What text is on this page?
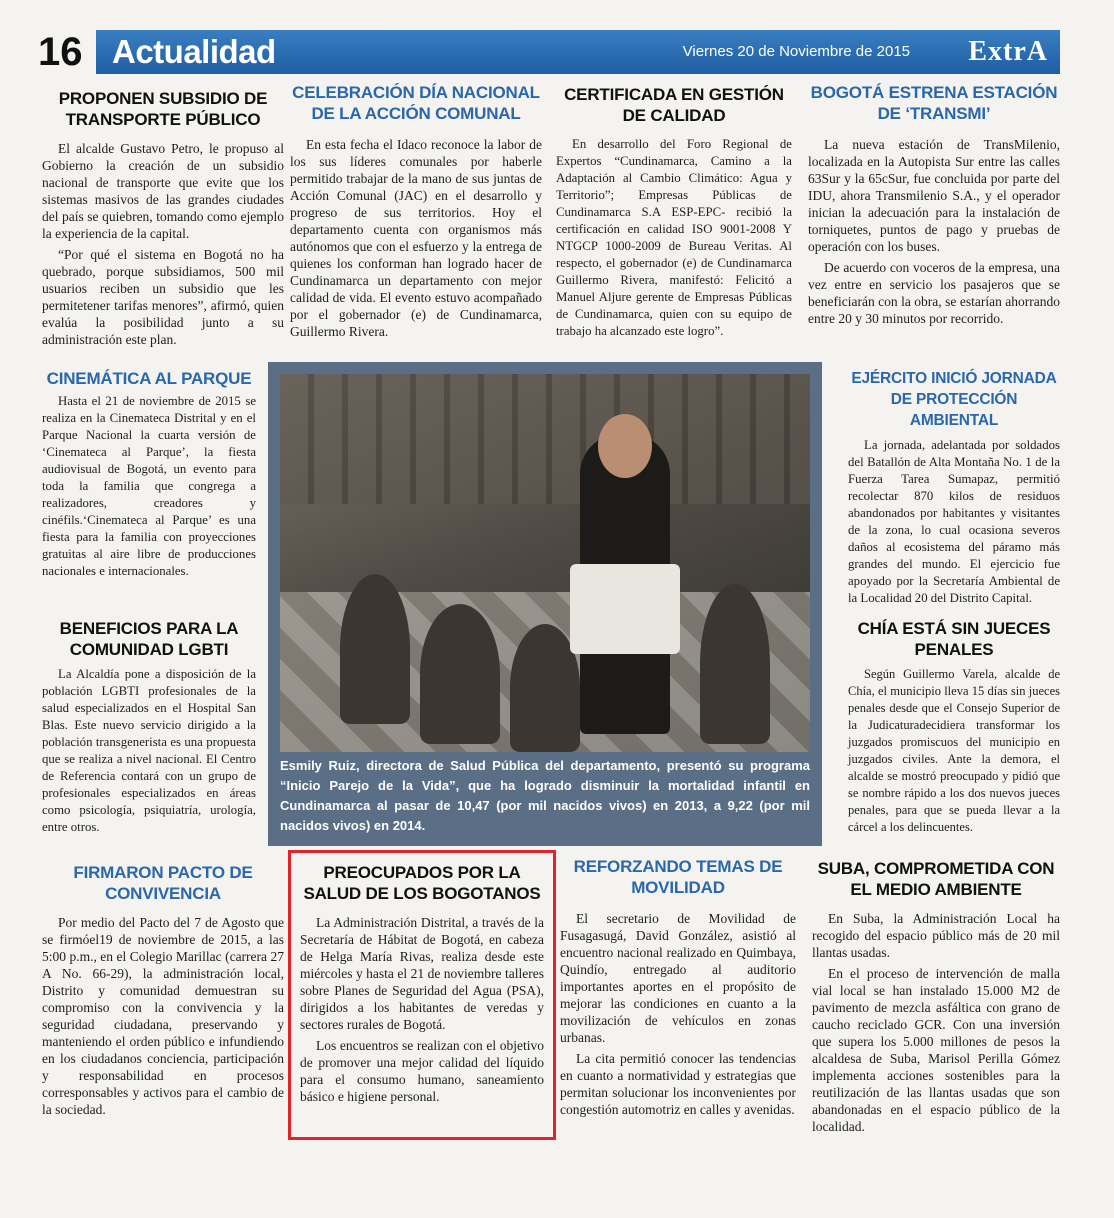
16 Actualidad	Viernes 20 de Noviembre de 2015 ExtrA
PROPONEN SUBSIDIO DE TRANSPORTE PÚBLICO

El alcalde Gustavo Petro, le propuso al Gobierno la creación de un subsidio nacional de transporte que evite que los sistemas masivos de las grandes ciudades del país se quiebren, tomando como ejemplo la experiencia de la capital.

“Por qué el sistema en Bogotá no ha quebrado, porque subsidiamos, 500 mil usuarios reciben un subsidio que les permitetener tarifas menores”, afirmó, quien evalúa la posibilidad junto a su administración este plan.

CELEBRACIÓN DÍA NACIONAL DE LA ACCIÓN COMUNAL

En esta fecha el Idaco reconoce la labor de los sus líderes comunales por haberle permitido trabajar de la mano de sus juntas de Acción Comunal (JAC) en el desarrollo y progreso de sus territorios. Hoy el departamento cuenta con organismos más autónomos que con el esfuerzo y la entrega de quienes los conforman han logrado hacer de Cundinamarca un departamento con mejor calidad de vida. El evento estuvo acompañado por el gobernador (e) de Cundinamarca, Guillermo Rivera.

CERTIFICADA EN GESTIÓN DE CALIDAD

En desarrollo del Foro Regional de Expertos “Cundinamarca, Camino a la Adaptación al Cambio Climático: Agua y Territorio”; Empresas Públicas de Cundinamarca S.A ESP-EPC- recibió la certificación en calidad ISO 9001-2008 Y NTGCP 1000-2009 de Bureau Veritas. Al respecto, el gobernador (e) de Cundinamarca Guillermo Rivera, manifestó: Felicitó a Manuel Aljure gerente de Empresas Públicas de Cundinamarca, quien con su equipo de trabajo ha alcanzado este logro”.

BOGOTÁ ESTRENA ESTACIÓN DE ‘TRANSMI’

La nueva estación de TransMilenio, localizada en la Autopista Sur entre las calles 63Sur y la 65cSur, fue concluida por parte del IDU, ahora Transmilenio S.A., y el operador inician la adecuación para la instalación de torniquetes, puntos de pago y pruebas de operación con los buses.

De acuerdo con voceros de la empresa, una vez entre en servicio los pasajeros que se beneficiarán con la obra, se estarían ahorrando entre 20 y 30 minutos por recorrido.

CINEMÁTICA AL PARQUE

Hasta el 21 de noviembre de 2015 se realiza en la Cinemateca Distrital y en el Parque Nacional la cuarta versión de ‘Cinemateca al Parque’, la fiesta audiovisual de Bogotá, un evento para toda la familia que congrega a realizadores, creadores y cinéfils.‘Cinemateca al Parque’ es una fiesta para la familia con proyecciones gratuitas al aire libre de producciones nacionales e internacionales.

BENEFICIOS PARA LA COMUNIDAD LGBTI

La Alcaldía pone a disposición de la población LGBTI profesionales de la salud especializados en el Hospital San Blas. Este nuevo servicio dirigido a la población transgenerista es una propuesta que se realiza a nivel nacional. El Centro de Referencia contará con un grupo de profesionales especializados en áreas como psicología, psiquiatría, urología, entre otros.

Esmily Ruiz, directora de Salud Pública del departamento, presentó su programa “Inicio Parejo de la Vida”, que ha logrado disminuir la mortalidad infantil en Cundinamarca al pasar de 10,47 (por mil nacidos vivos) en 2013, a 9,22 (por mil nacidos vivos) en 2014.
EJÉRCITO INICIÓ JORNADA DE PROTECCIÓN AMBIENTAL

La jornada, adelantada por soldados del Batallón de Alta Montaña No. 1 de la Fuerza Tarea Sumapaz, permitió recolectar 870 kilos de residuos abandonados por habitantes y visitantes de la zona, lo cual ocasiona severos daños al ecosistema del páramo más grandes del mundo. El ejercicio fue apoyado por la Secretaría Ambiental de la Localidad 20 del Distrito Capital.

CHÍA ESTÁ SIN JUECES PENALES

Según Guillermo Varela, alcalde de Chía, el municipio lleva 15 días sin jueces penales desde que el Consejo Superior de la Judicaturadecidiera transformar los juzgados promiscuos del municipio en juzgados civiles. Ante la demora, el alcalde se mostró preocupado y pidió que se nombre rápido a los dos nuevos jueces penales, para que se pueda llevar a la cárcel a los delincuentes.

FIRMARON PACTO DE CONVIVENCIA

Por medio del Pacto del 7 de Agosto que se firmóel19 de noviembre de 2015, a las 5:00 p.m., en el Colegio Marillac (carrera 27 A No. 66-29), la administración local, Distrito y comunidad demuestran su compromiso con la convivencia y la seguridad ciudadana, preservando y manteniendo el orden público e infundiendo en los ciudadanos conciencia, participación y responsabilidad en procesos corresponsables y activos para el cambio de la sociedad.

PREOCUPADOS POR LA SALUD DE LOS BOGOTANOS

La Administración Distrital, a través de la Secretaría de Hábitat de Bogotá, en cabeza de Helga María Rivas, realiza desde este miércoles y hasta el 21 de noviembre talleres sobre Planes de Seguridad del Agua (PSA), dirigidos a los habitantes de veredas y sectores rurales de Bogotá.

Los encuentros se realizan con el objetivo de promover una mejor calidad del líquido para el consumo humano, saneamiento básico e higiene personal.

REFORZANDO TEMAS DE MOVILIDAD

El secretario de Movilidad de Fusagasugá, David González, asistió al encuentro nacional realizado en Quimbaya, Quindío, entregado al auditorio importantes aportes en el propósito de mejorar las condiciones en cuanto a la movilización de vehículos en zonas urbanas.

La cita permitió conocer las tendencias en cuanto a normatividad y estrategias que permitan solucionar los inconvenientes por congestión automotriz en calles y avenidas.

SUBA, COMPROMETIDA CON EL MEDIO AMBIENTE

En Suba, la Administración Local ha recogido del espacio público más de 20 mil llantas usadas.

En el proceso de intervención de malla vial local se han instalado 15.000 M2 de pavimento de mezcla asfáltica con grano de caucho reciclado GCR. Con una inversión que supera los 5.000 millones de pesos la alcaldesa de Suba, Marisol Perilla Gómez implementa acciones sostenibles para la reutilización de las llantas usadas que son abandonadas en el espacio público de la localidad.
